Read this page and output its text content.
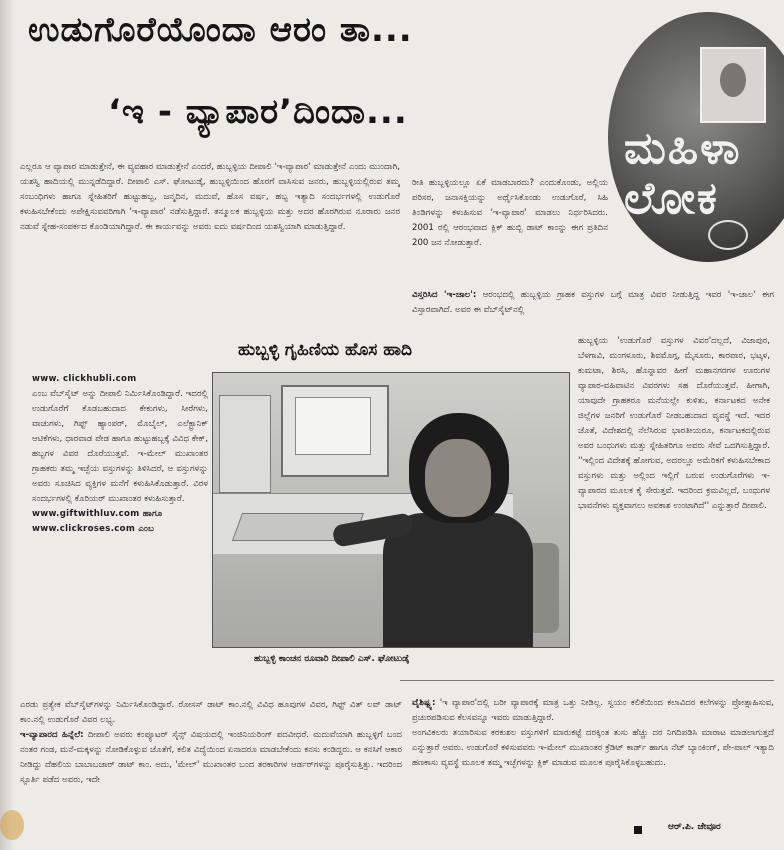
ಉಡುಗೊರೆಯೊಂದಾ ಆರಂ ತಾ...
‘ಇ - ವ್ಯಾಪಾರ’ದಿಂದಾ...
ಮಹಿಳಾ
ಲೋಕ

ಎಲ್ಲರೂ ಆ ವ್ಯಾಪಾರ ಮಾಡುತ್ತೇನೆ, ಈ ವ್ಯವಹಾರ ಮಾಡುತ್ತೇನೆ ಎಂದರೆ, ಹುಬ್ಬಳ್ಳಿಯ ದೀಪಾಲಿ 'ಇ-ವ್ಯಾಪಾರ' ಮಾಡುತ್ತೇನೆ ಎಂದು ಮುಂದಾಗಿ, ಯಶಸ್ವಿ ಹಾದಿಯಲ್ಲಿ ಮುನ್ನಡೆದಿದ್ದಾರೆ. ದೀಪಾಲಿ ಎಸ್. ಘೋಟುಡ್ಕೆ, ಹುಬ್ಬಳ್ಳಿಯಿಂದ ಹೊರಗೆ ವಾಸಿಸುವ ಜನರು, ಹುಬ್ಬಳ್ಳಿಯಲ್ಲಿರುವ ತಮ್ಮ ಸಂಬಂಧಿಗಳು ಹಾಗೂ ಸ್ನೇಹಿತರಿಗೆ ಹುಟ್ಟುಹಬ್ಬ, ಜನ್ಮದಿನ, ಮದುವೆ, ಹೊಸ ವರ್ಷ, ಹಬ್ಬ ಇತ್ಯಾದಿ ಸಂದರ್ಭಗಳಲ್ಲಿ ಉಡುಗೊರೆ ಕಳುಹಿಸಬೇಕೆಂದು ಅಪೇಕ್ಷಿಸುವವರಿಗಾಗಿ 'ಇ-ವ್ಯಾಪಾರ' ನಡೆಸುತ್ತಿದ್ದಾರೆ. ತನ್ಮೂಲಕ ಹುಬ್ಬಳ್ಳಿಯ ಮತ್ತು ಅದರ ಹೊರಗಿರುವ ನೂರಾರು ಜನರ ನಡುವೆ ಸ್ನೇಹ-ಸಂಪರ್ಕದ ಕೊಂಡಿಯಾಗಿದ್ದಾರೆ. ಈ ಕಾರ್ಯವನ್ನು ಅವರು ಐದು ವರ್ಷದಿಂದ ಯಶಸ್ವಿಯಾಗಿ ಮಾಡುತ್ತಿದ್ದಾರೆ.

ರೀತಿ ಹುಬ್ಬಳ್ಳಿಯಲ್ಲೂ ಏಕೆ ಮಾಡಬಾರದು? ಎಂದುಕೊಂಡು, ಅಲ್ಲಿಯ ಪರಿಸರ, ಜನಾಸಕ್ತಿಯನ್ನು ಅರ್ಥೈಸಿಕೊಂಡು ಉಡುಗೊರೆ, ಸಿಹಿ ತಿಂಡಿಗಳನ್ನು ಕಳುಹಿಸುವ 'ಇ-ವ್ಯಾಪಾರ' ಮಾಡಲು ನಿರ್ಧರಿಸಿದರು. 2001 ರಲ್ಲಿ ಆರಂಭವಾದ ಕ್ಲಿಕ್ ಹುಬ್ಬಿ ಡಾಟ್ ಕಾಂನ್ನು ಈಗ ಪ್ರತಿದಿನ 200 ಜನ ನೋಡುತ್ತಾರೆ.

ವಿಸ್ತರಿಸಿದ 'ಇ-ಜಾಲ': ಆರಂಭದಲ್ಲಿ ಹುಬ್ಬಳ್ಳಿಯ ಗ್ರಾಹಕ ವಸ್ತುಗಳ ಬಗ್ಗೆ ಮಾತ್ರ ವಿವರ ನೀಡುತ್ತಿದ್ದ ಇವರ 'ಇ-ಜಾಲ' ಈಗ ವಿಸ್ತಾರವಾಗಿದೆ. ಅವರ ಈ ವೆಬ್‌ಸೈಟ್‌ನಲ್ಲಿ

ಹುಬ್ಬಳ್ಳಿ ಗೃಹಿಣಿಯ ಹೊಸ ಹಾದಿ

www. clickhubli.com

ಎಂಬ ವೆಬ್‌ಸೈಟ್ ಅನ್ನು ದೀಪಾಲಿ ನಿರ್ಮಿಸಿಕೊಂಡಿದ್ದಾರೆ. ಇದರಲ್ಲಿ ಉಡುಗೊರೆಗೆ ಕೊಡಬಹುದಾದ ಕೇಕುಗಳು, ಸೀರೆಗಳು, ವಾಚುಗಳು, ಗಿಫ್ಟ್ ಹ್ಯಾಂಪರ್, ಮೊಬೈಲ್, ಎಲೆಕ್ಟ್ರಾನಿಕ್ ಆಟಿಕೆಗಳು, ಧಾರವಾಡ ಪೇಡ ಹಾಗೂ ಹುಟ್ಟುಹಬ್ಬಕ್ಕೆ ವಿವಿಧ ಕೇಕ್, ಹಬ್ಬಗಳ ವಿವರ ದೊರೆಯುತ್ತವೆ. ಇ-ಮೇಲ್ ಮುಖಾಂತರ ಗ್ರಾಹಕರು ತಮ್ಮ ಇಚ್ಛೆಯ ವಸ್ತುಗಳನ್ನು ತಿಳಿಸಿದರೆ, ಆ ವಸ್ತುಗಳನ್ನು ಅವರು ಸೂಚಿಸಿದ ವ್ಯಕ್ತಿಗಳ ಮನೆಗೆ ಕಳುಹಿಸಿಕೊಡುತ್ತಾರೆ. ವಿರಳ ಸಂದರ್ಭಗಳಲ್ಲಿ ಕೊರಿಯರ್ ಮುಖಾಂತರ ಕಳುಹಿಸುತ್ತಾರೆ.

www.giftwithluv.com ಹಾಗೂ

www.clickroses.com ಎಂಬ

ಹುಬ್ಬಳ್ಳಿ ಕಾಂಚನ ರೂವಾರಿ ದೀಪಾಲಿ ಎಸ್. ಘೋಟುಡ್ಕೆ

ಹುಬ್ಬಳ್ಳಿಯ 'ಉಡುಗೊರೆ ವಸ್ತುಗಳ ವಿವರ'ದಲ್ಲದೆ, ವಿಜಾಪುರ, ಬೆಳಗಾವಿ, ಮಂಗಳೂರು, ಶಿವಮೊಗ್ಗ, ಮೈಸೂರು, ಕಾರವಾರ, ಭಟ್ಕಳ, ಕುಮಟಾ, ಶಿರಸಿ, ಹೊನ್ನಾವರ ಹೀಗೆ ಮಹಾನಗರಗಳ ಊರುಗಳ ವ್ಯಾಪಾರ-ವಹಿವಾಟಿನ ವಿವರಗಳು ಸಹ ದೊರೆಯುತ್ತವೆ. ಹೀಗಾಗಿ, ಯಾವುದೇ ಗ್ರಾಹಕರೂ ಮನೆಯಲ್ಲೇ ಕುಳಿತು, ಕರ್ನಾಟಕದ ಅನೇಕ ಜಿಲ್ಲೆಗಳ ಜನರಿಗೆ ಉಡುಗೊರೆ ನೀಡಬಹುದಾದ ವ್ಯವಸ್ಥೆ ಇದೆ. ಇದರ ಜೊತೆ, ವಿದೇಶದಲ್ಲಿ ನೆಲೆಸಿರುವ ಭಾರತೀಯರೂ, ಕರ್ನಾಟಕದಲ್ಲಿರುವ ಅವರ ಬಂಧುಗಳು ಮತ್ತು ಸ್ನೇಹಿತರಿಗೂ ಅವರು ಸೇವೆ ಒದಗಿಸುತ್ತಿದ್ದಾರೆ. ''ಇಲ್ಲಿಂದ ವಿದೇಶಕ್ಕೆ ಹೋಗುವ, ಅದರಲ್ಲೂ ಅಮೆರಿಕಗೆ ಕಳುಹಿಸಬೇಕಾದ ವಸ್ತುಗಳು ಮತ್ತು ಅಲ್ಲಿಂದ ಇಲ್ಲಿಗೆ ಬರುವ ಉಡುಗೊರೆಗಳು ಇ-ವ್ಯಾಪಾರದ ಮೂಲಕ ಕೈ ಸೇರುತ್ತವೆ. ಇದರಿಂದ ಕ್ರಮವಿಲ್ಲದೆ, ಬಂಧುಗಳ ಭಾವನೆಗಳು ವ್ಯಕ್ತವಾಗಲು ಅವಕಾಶ ಉಂಟಾಗಿದೆ'' ಎನ್ನುತ್ತಾರೆ ದೀಪಾಲಿ.

ಎರಡು ಪ್ರತ್ಯೇಕ ವೆಬ್‌ಸೈಟ್‌ಗಳನ್ನು ನಿರ್ಮಿಸಿಕೊಂಡಿದ್ದಾರೆ. ರೋಸಸ್ ಡಾಟ್ ಕಾಂ.ನಲ್ಲಿ ವಿವಿಧ ಹೂವುಗಳ ವಿವರ, ಗಿಫ್ಟ್ ವಿತ್ ಲವ್ ಡಾಟ್ ಕಾಂ.ನಲ್ಲಿ ಉಡುಗೊರೆ ವಿವರ ಲಭ್ಯ.

ಇ-ವ್ಯಾಪಾರದ ಹಿನ್ನೆಲೆ: ದೀಪಾಲಿ ಅವರು ಕಂಪ್ಯೂಟರ್ ಸೈನ್ಸ್ ವಿಷಯದಲ್ಲಿ ಇಂಜಿನಿಯರಿಂಗ್ ಪದವೀಧರೆ. ಮದುವೆಯಾಗಿ ಹುಬ್ಬಳ್ಳಿಗೆ ಬಂದ ನಂತರ ಗಂಡ, ಮನೆ-ಮಕ್ಕಳನ್ನು ನೋಡಿಕೊಳ್ಳುವ ಜೊತೆಗೆ, ಕಲಿತ ವಿದ್ಯೆಯಿಂದ ಏನಾದರೂ ಮಾಡಬೇಕೆಂದು ಕನಸು ಕಂಡಿದ್ದರು. ಆ ಕನಸಿಗೆ ಆಕಾರ ನೀಡಿದ್ದು ದೆಹಲಿಯ ಬಾಬಾಬಜಾರ್ ಡಾಟ್ ಕಾಂ. ಅದು, 'ಮೇಲ್' ಮುಖಾಂತರ ಬಂದ ತರಕಾರಿಗಳ ಆರ್ಡರ್‌ಗಳನ್ನು ಪೂರೈಸುತ್ತಿತ್ತು. ಇದರಿಂದ ಸ್ಪೂರ್ತಿ ಪಡೆದ ಅವರು, ಇದೇ

ವೈಶಿಷ್ಟ್ಯ: 'ಇ ವ್ಯಾಪಾರ'ದಲ್ಲಿ ಬರೀ ವ್ಯಾಪಾರಕ್ಕೆ ಮಾತ್ರ ಒತ್ತು ನೀಡಿಲ್ಲ. ಸ್ವಯಂ ಕಲಿಕೆಯಿಂದ ಕಲಾವಿದರ ಕಲೆಗಳನ್ನು ಪ್ರೋತ್ಸಾಹಿಸುವ, ಪ್ರಚುರಪಡಿಸುವ ಕೆಲಸವನ್ನೂ ಇವರು ಮಾಡುತ್ತಿದ್ದಾರೆ.

ಅಂಗವಿಕಲರು ತಯಾರಿಸುವ ಕರಕುಶಲ ವಸ್ತುಗಳಿಗೆ ಮಾರುಕಟ್ಟೆ ದರಕ್ಕಿಂತ ತುಸು ಹೆಚ್ಚು ದರ ನಿಗದಿಪಡಿಸಿ ಮಾರಾಟ ಮಾಡಲಾಗುತ್ತದೆ ಎನ್ನುತ್ತಾರೆ ಅವರು. ಉಡುಗೊರೆ ಕಳಿಸುವವರು ಇ-ಮೇಲ್ ಮುಖಾಂತರ ಕ್ರೆಡಿಟ್ ಕಾರ್ಡ್ ಹಾಗೂ ನೆಟ್ ಬ್ಯಾಂಕಿಂಗ್, ಪೇ-ಪಾಲ್ ಇತ್ಯಾದಿ ಹಣಕಾಸು ವ್ಯವಸ್ಥೆ ಮೂಲಕ ತಮ್ಮ ಇಚ್ಛೆಗಳನ್ನು ಕ್ಲಿಕ್ ಮಾಡುವ ಮೂಲಕ ಪೂರೈಸಿಕೊಳ್ಳಬಹುದು.

ಆರ್.ಪಿ. ಜೇವೂರ
